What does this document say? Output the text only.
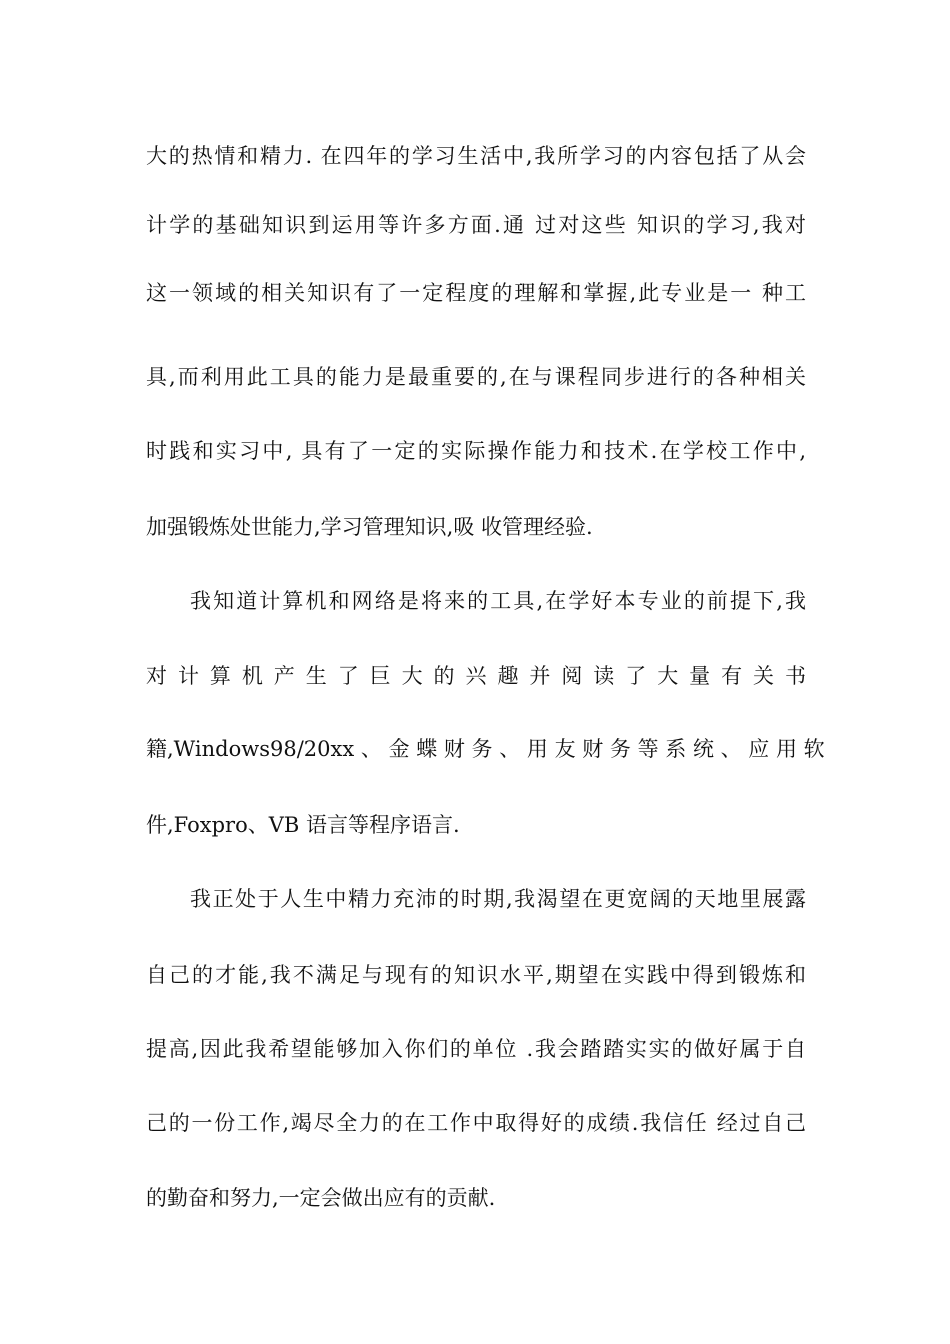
大的热情和精力. 在四年的学习生活中,我所学习的内容包括了从会
计学的基础知识到运用等许多方面.通 过对这些 知识的学习,我对
这一领域的相关知识有了一定程度的理解和掌握,此专业是一 种工
具,而利用此工具的能力是最重要的,在与课程同步进行的各种相关
时践和实习中, 具有了一定的实际操作能力和技术.在学校工作中,
加强锻炼处世能力,学习管理知识,吸 收管理经验.
我知道计算机和网络是将来的工具,在学好本专业的前提下,我
对 计 算 机 产 生 了 巨 大 的 兴 趣 并 阅 读 了 大 量 有 关 书
籍,Windows98/20xx 、 金 蝶 财 务 、 用 友 财 务 等 系 统 、 应 用 软
件,Foxpro、VB 语言等程序语言.
我正处于人生中精力充沛的时期,我渴望在更宽阔的天地里展露
自己的才能,我不满足与现有的知识水平,期望在实践中得到锻炼和
提高,因此我希望能够加入你们的单位 .我会踏踏实实的做好属于自
己的一份工作,竭尽全力的在工作中取得好的成绩.我信任 经过自己
的勤奋和努力,一定会做出应有的贡献.
